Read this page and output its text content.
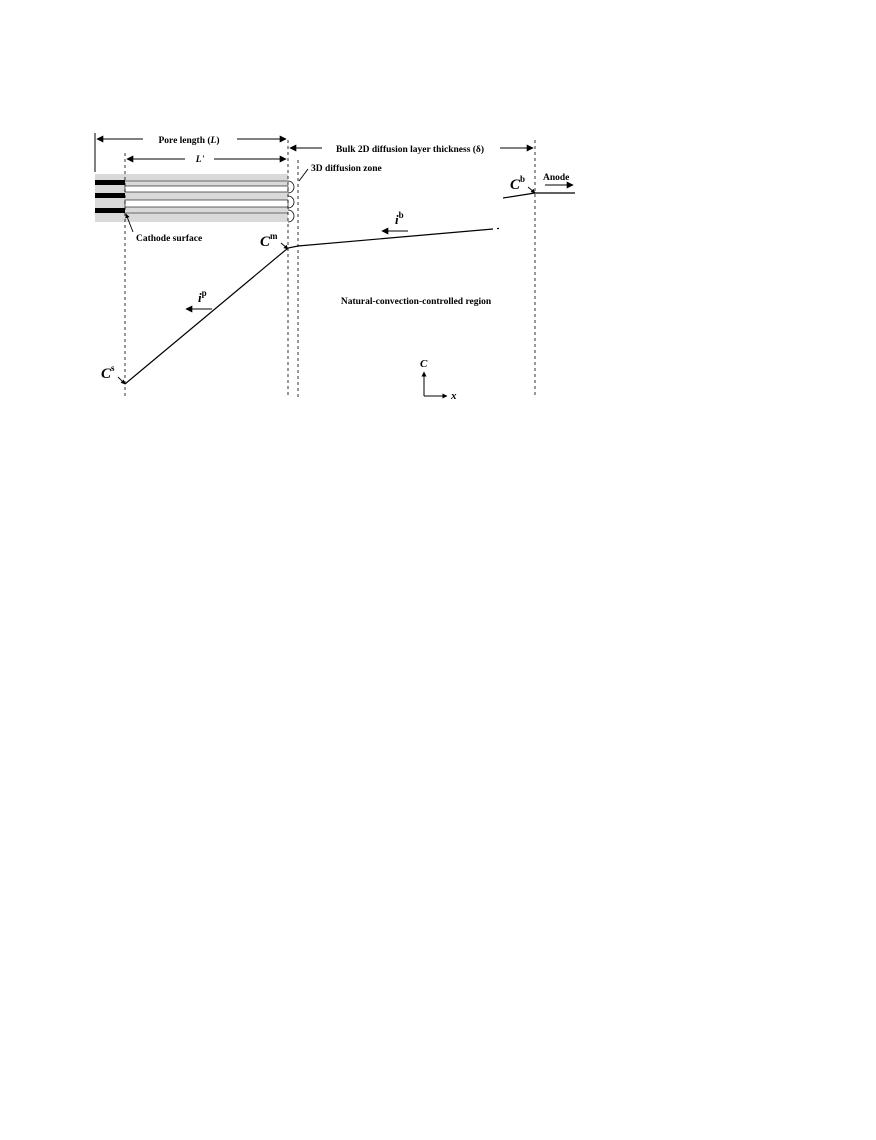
Pore length (L)
L'
Bulk 2D diffusion layer thickness (δ)
3D diffusion zone
Cathode surface
Anode
Natural-convection-controlled region
$C^s$
$C^m$
$C^b$
$i^b$
$i^p$
C
x
